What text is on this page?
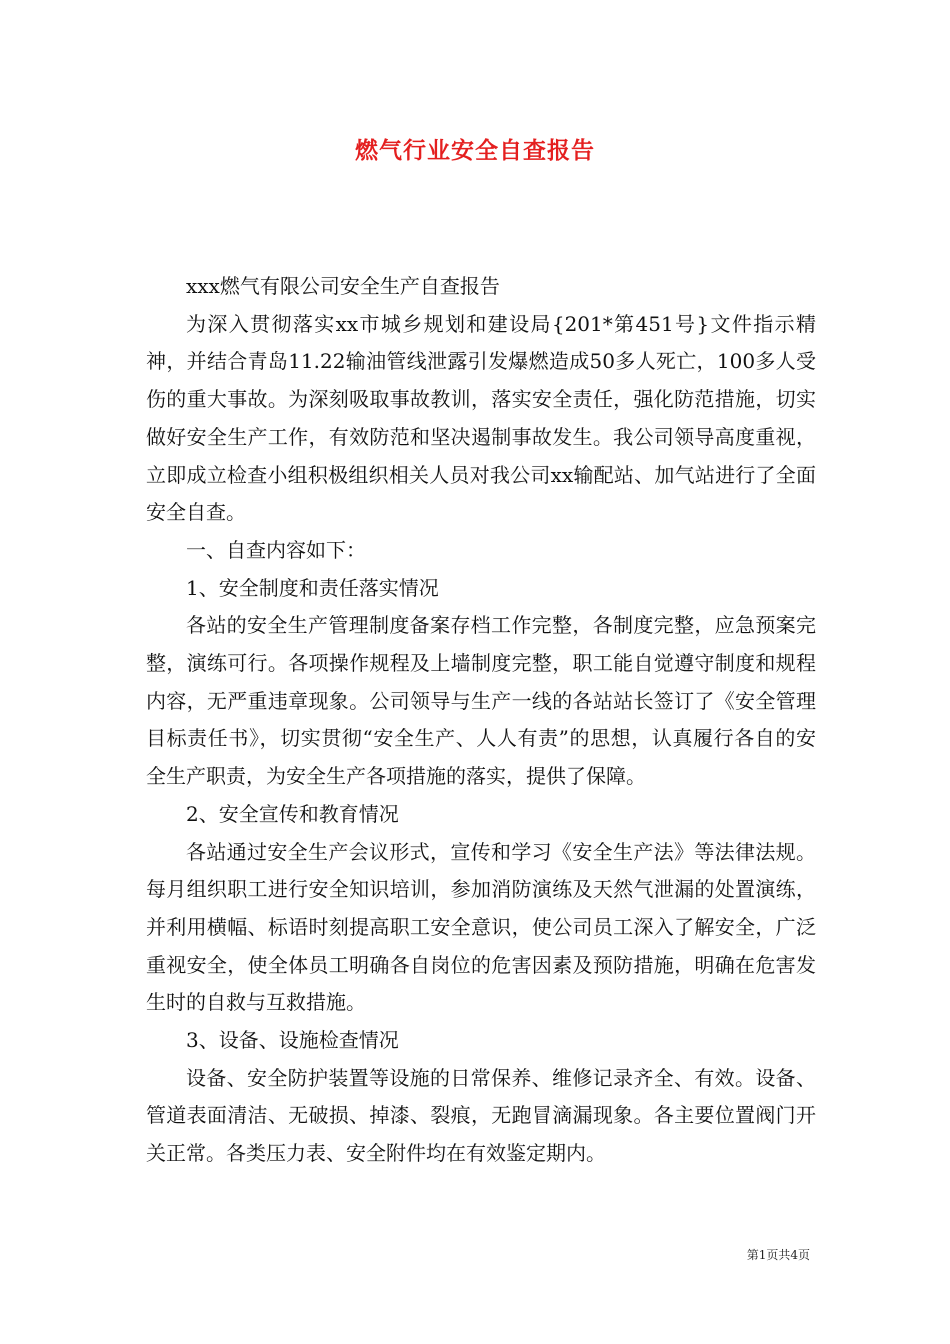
燃气行业安全自查报告

xxx燃气有限公司安全生产自查报告

为深入贯彻落实xx市城乡规划和建设局{201*第451号}文件指示精神，并结合青岛11.22输油管线泄露引发爆燃造成50多人死亡，100多人受伤的重大事故。为深刻吸取事故教训，落实安全责任，强化防范措施，切实做好安全生产工作，有效防范和坚决遏制事故发生。我公司领导高度重视，立即成立检查小组积极组织相关人员对我公司xx输配站、加气站进行了全面安全自查。

一、自查内容如下：

1、安全制度和责任落实情况

各站的安全生产管理制度备案存档工作完整，各制度完整，应急预案完整，演练可行。各项操作规程及上墙制度完整，职工能自觉遵守制度和规程内容，无严重违章现象。公司领导与生产一线的各站站长签订了《安全管理目标责任书》，切实贯彻“安全生产、人人有责”的思想，认真履行各自的安全生产职责，为安全生产各项措施的落实，提供了保障。

2、安全宣传和教育情况

各站通过安全生产会议形式，宣传和学习《安全生产法》等法律法规。每月组织职工进行安全知识培训，参加消防演练及天然气泄漏的处置演练，并利用横幅、标语时刻提高职工安全意识，使公司员工深入了解安全，广泛重视安全，使全体员工明确各自岗位的危害因素及预防措施，明确在危害发生时的自救与互救措施。

3、设备、设施检查情况

设备、安全防护装置等设施的日常保养、维修记录齐全、有效。设备、管道表面清洁、无破损、掉漆、裂痕，无跑冒滴漏现象。各主要位置阀门开关正常。各类压力表、安全附件均在有效鉴定期内。

第1页共4页
